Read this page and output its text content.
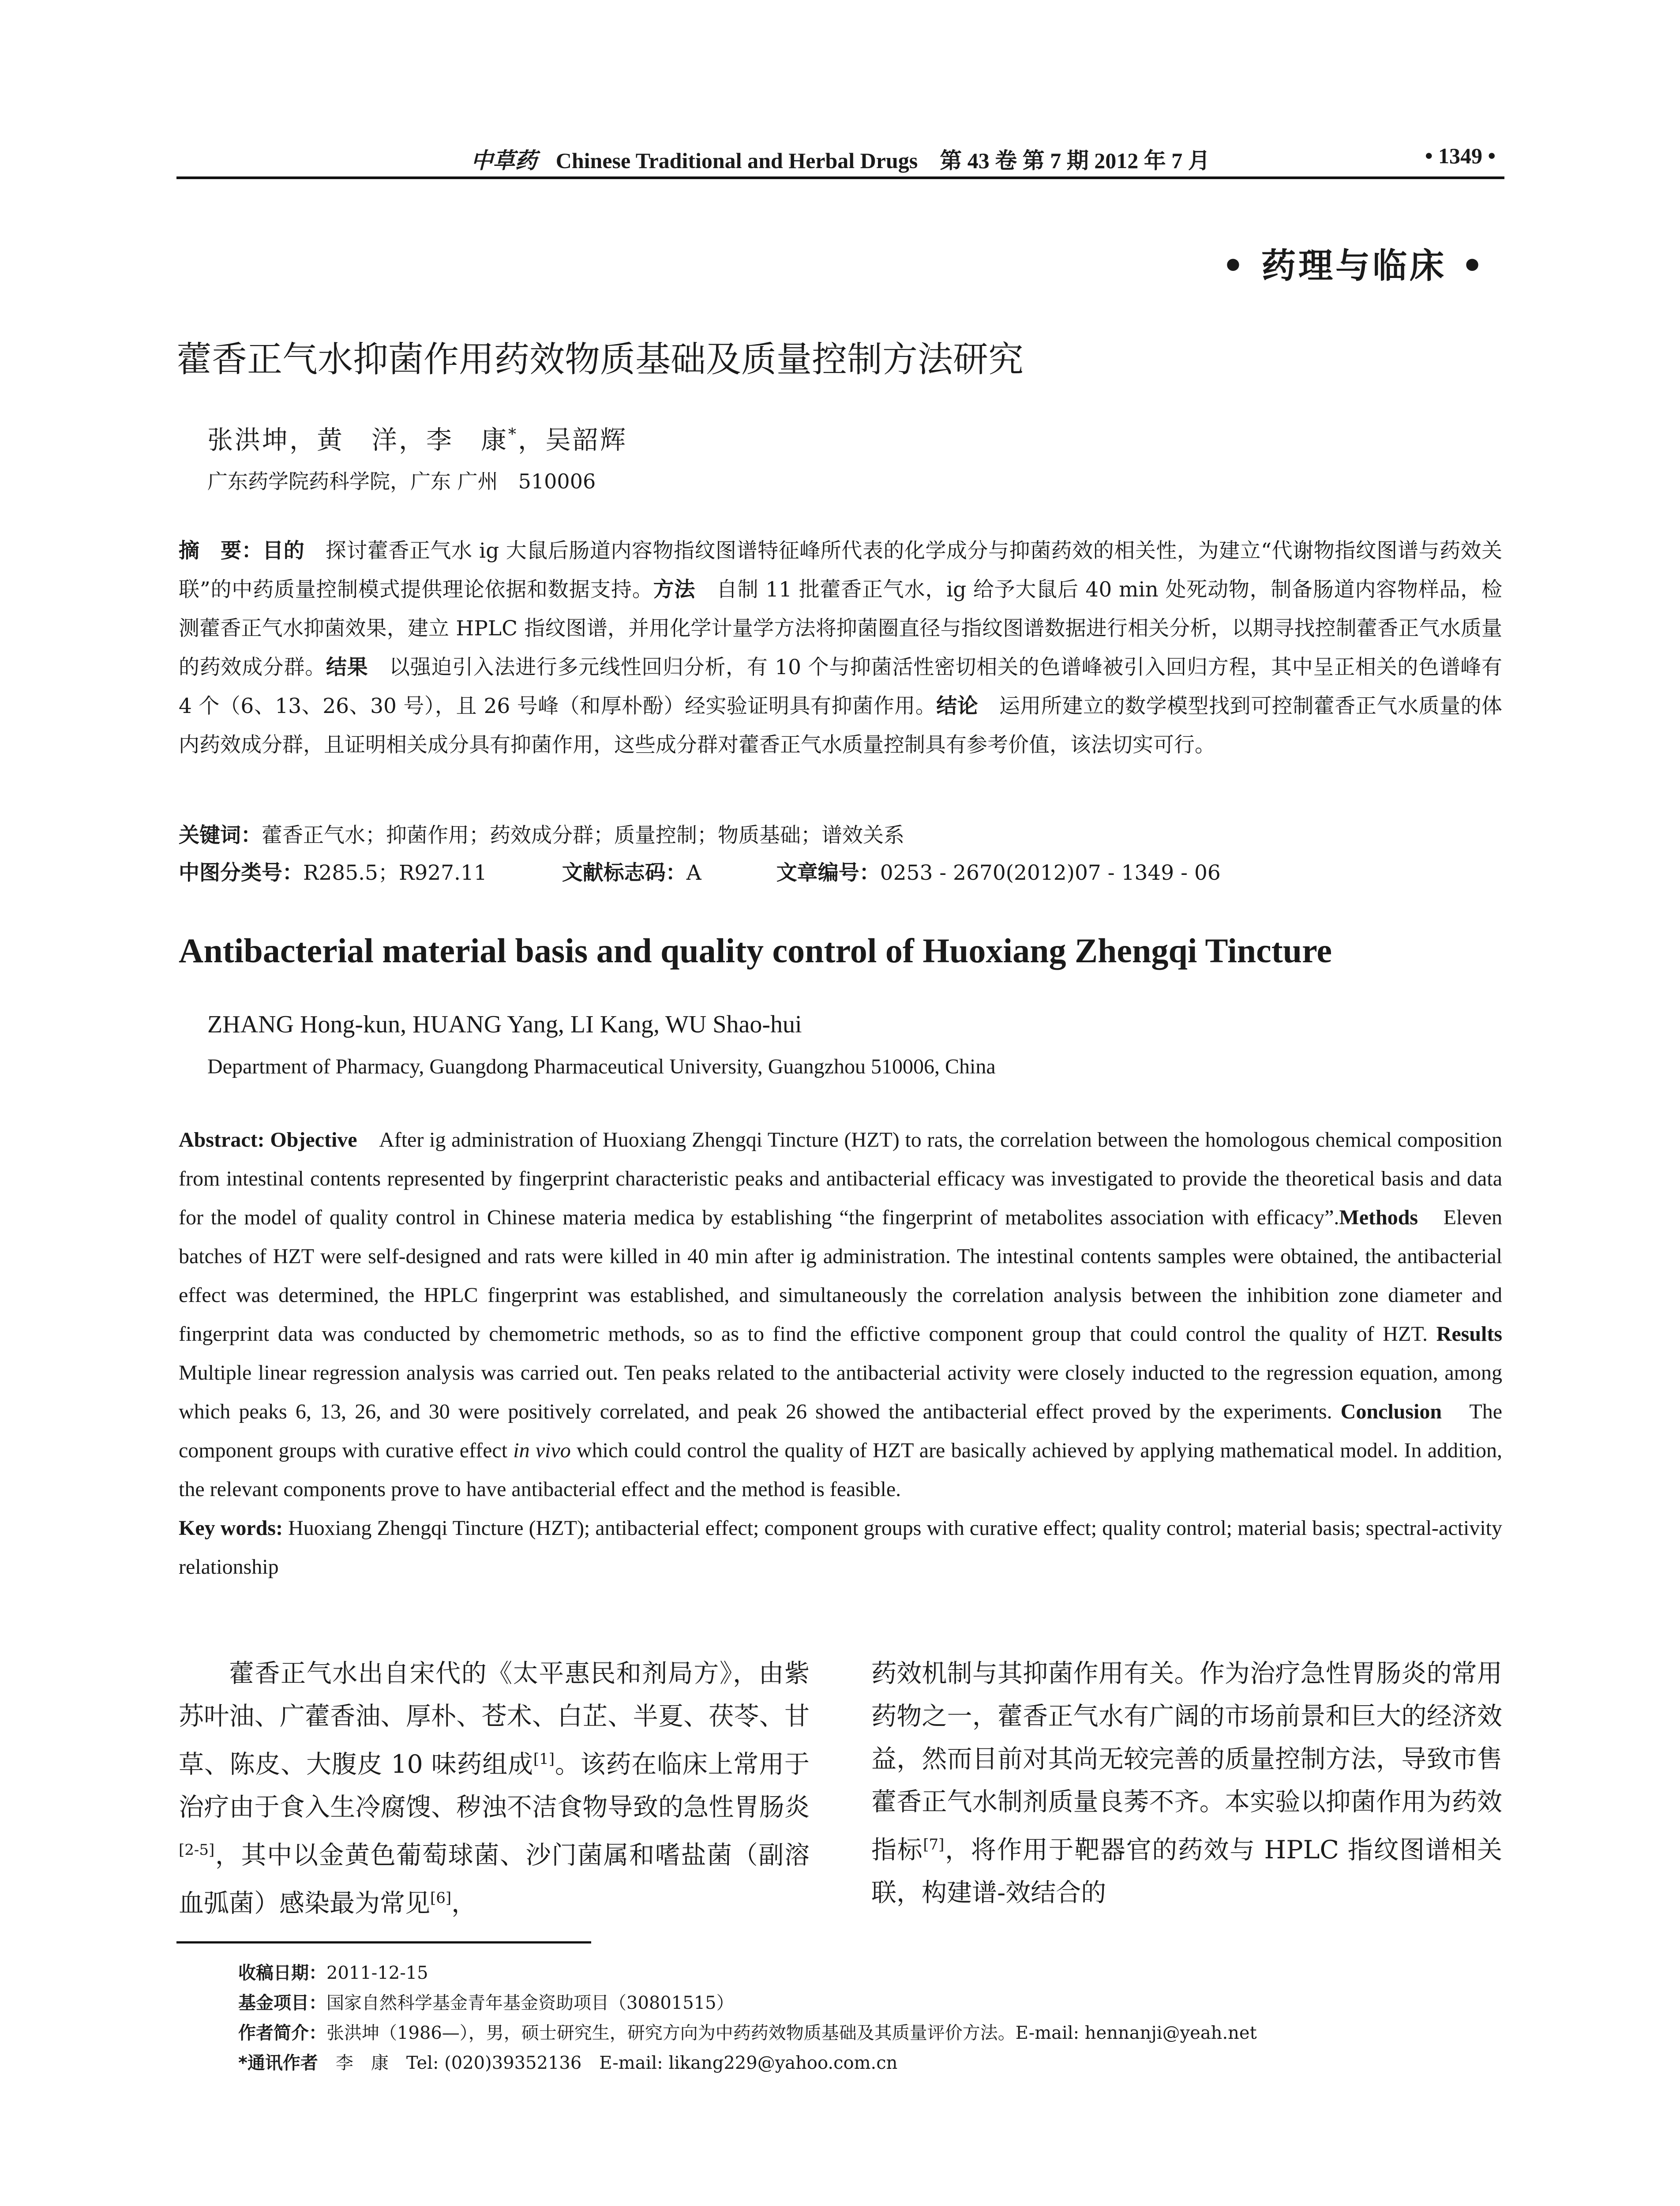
中草药 Chinese Traditional and Herbal Drugs　第 43 卷 第 7 期 2012 年 7 月	• 1349 •
• 药理与临床 •
藿香正气水抑菌作用药效物质基础及质量控制方法研究
张洪坤，黄　洋，李　康*，吴韶辉
广东药学院药科学院，广东 广州　510006
摘　要：目的　探讨藿香正气水 ig 大鼠后肠道内容物指纹图谱特征峰所代表的化学成分与抑菌药效的相关性，为建立“代谢物指纹图谱与药效关联”的中药质量控制模式提供理论依据和数据支持。方法　自制 11 批藿香正气水，ig 给予大鼠后 40 min 处死动物，制备肠道内容物样品，检测藿香正气水抑菌效果，建立 HPLC 指纹图谱，并用化学计量学方法将抑菌圈直径与指纹图谱数据进行相关分析，以期寻找控制藿香正气水质量的药效成分群。结果　以强迫引入法进行多元线性回归分析，有 10 个与抑菌活性密切相关的色谱峰被引入回归方程，其中呈正相关的色谱峰有 4 个（6、13、26、30 号），且 26 号峰（和厚朴酚）经实验证明具有抑菌作用。结论　运用所建立的数学模型找到可控制藿香正气水质量的体内药效成分群，且证明相关成分具有抑菌作用，这些成分群对藿香正气水质量控制具有参考价值，该法切实可行。
关键词：藿香正气水；抑菌作用；药效成分群；质量控制；物质基础；谱效关系
中图分类号：R285.5；R927.11	文献标志码：A	文章编号：0253 - 2670(2012)07 - 1349 - 06
Antibacterial material basis and quality control of Huoxiang Zhengqi Tincture
ZHANG Hong-kun, HUANG Yang, LI Kang, WU Shao-hui
Department of Pharmacy, Guangdong Pharmaceutical University, Guangzhou 510006, China
Abstract: Objective　After ig administration of Huoxiang Zhengqi Tincture (HZT) to rats, the correlation between the homologous chemical composition from intestinal contents represented by fingerprint characteristic peaks and antibacterial efficacy was investigated to provide the theoretical basis and data for the model of quality control in Chinese materia medica by establishing “the fingerprint of metabolites association with efficacy”.Methods　Eleven batches of HZT were self-designed and rats were killed in 40 min after ig administration. The intestinal contents samples were obtained, the antibacterial effect was determined, the HPLC fingerprint was established, and simultaneously the correlation analysis between the inhibition zone diameter and fingerprint data was conducted by chemometric methods, so as to find the effictive component group that could control the quality of HZT. Results Multiple linear regression analysis was carried out. Ten peaks related to the antibacterial activity were closely inducted to the regression equation, among which peaks 6, 13, 26, and 30 were positively correlated, and peak 26 showed the antibacterial effect proved by the experiments. Conclusion　The component groups with curative effect in vivo which could control the quality of HZT are basically achieved by applying mathematical model. In addition, the relevant components prove to have antibacterial effect and the method is feasible.
Key words: Huoxiang Zhengqi Tincture (HZT); antibacterial effect; component groups with curative effect; quality control; material basis; spectral-activity relationship
藿香正气水出自宋代的《太平惠民和剂局方》，由紫苏叶油、广藿香油、厚朴、苍术、白芷、半夏、茯苓、甘草、陈皮、大腹皮 10 味药组成[1]。该药在临床上常用于治疗由于食入生冷腐馊、秽浊不洁食物导致的急性胃肠炎[2-5]，其中以金黄色葡萄球菌、沙门菌属和嗜盐菌（副溶血弧菌）感染最为常见[6]，
药效机制与其抑菌作用有关。作为治疗急性胃肠炎的常用药物之一，藿香正气水有广阔的市场前景和巨大的经济效益，然而目前对其尚无较完善的质量控制方法，导致市售藿香正气水制剂质量良莠不齐。本实验以抑菌作用为药效指标[7]，将作用于靶器官的药效与 HPLC 指纹图谱相关联，构建谱-效结合的
收稿日期：2011-12-15
基金项目：国家自然科学基金青年基金资助项目（30801515）
作者简介：张洪坤（1986—），男，硕士研究生，研究方向为中药药效物质基础及其质量评价方法。E-mail: hennanji@yeah.net
*通讯作者　李　康　Tel: (020)39352136　E-mail: likang229@yahoo.com.cn
